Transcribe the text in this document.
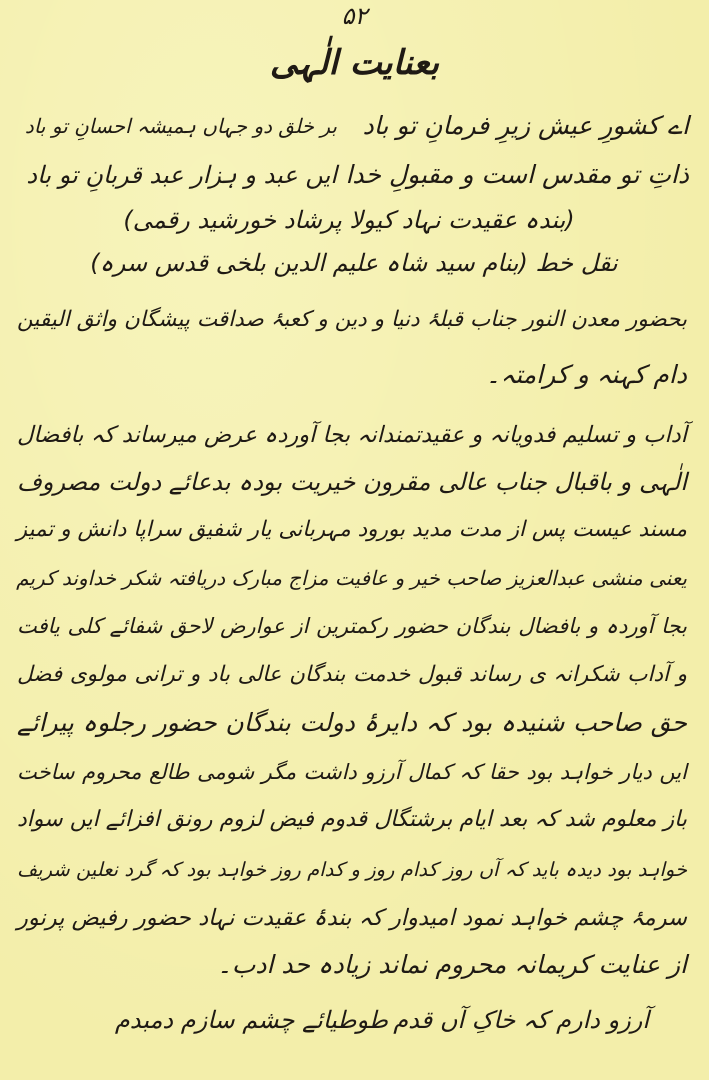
۵۲
بعنایت الٰہی
اے کشورِ عیش زیرِ فرمانِ تو باد
بر خلق دو جہاں ہمیشہ احسانِ تو باد
ذاتِ تو مقدس است و مقبولِ خدا
ایں عبد و ہزار عبد قربانِ تو باد
(بندہ عقیدت نہاد کیولا پرشاد خورشید رقمی)
نقل خط (بنام سید شاہ علیم الدین بلخی قدس سرہ)
بحضور معدن النور جناب قبلۂ دنیا و دین و کعبۂ صداقت پیشگان واثق الیقین
دام کہنہ و کرامتہ۔
آداب و تسلیم فدویانہ و عقیدتمندانہ بجا آوردہ عرض میرساند کہ بافضال
الٰہی و باقبال جناب عالی مقرون خیریت بودہ بدعائے دولت مصروف
مسند عیست پس از مدت مدید بورود مہربانی یار شفیق سراپا دانش و تمیز
یعنی منشی عبدالعزیز صاحب خیر و عافیت مزاج مبارک دریافتہ شکر خداوند کریم
بجا آوردہ و بافضال بندگان حضور رکمترین از عوارض لاحق شفائے کلی یافت
و آداب شکرانہ ی رساند قبول خدمت بندگان عالی باد و ترانی مولوی فضل
حق صاحب شنیدہ بود کہ دایرۂ دولت بندگان حضور رجلوہ پیرائے
ایں دیار خواہد بود حقا کہ کمال آرزو داشت مگر شومی طالع محروم ساخت
باز معلوم شد کہ بعد ایام برشتگال قدوم فیض لزوم رونق افزائے ایں سواد
خواہد بود دیدہ باید کہ آں روز کدام روز و کدام روز خواہد بود کہ گرد نعلین شریف
سرمۂ چشم خواہد نمود امیدوار کہ بندۂ عقیدت نہاد حضور رفیض پرنور
از عنایت کریمانہ محروم نماند زیادہ حد ادب۔
آرزو دارم کہ خاکِ آں قدم
طوطیائے چشم سازم دمبدم
